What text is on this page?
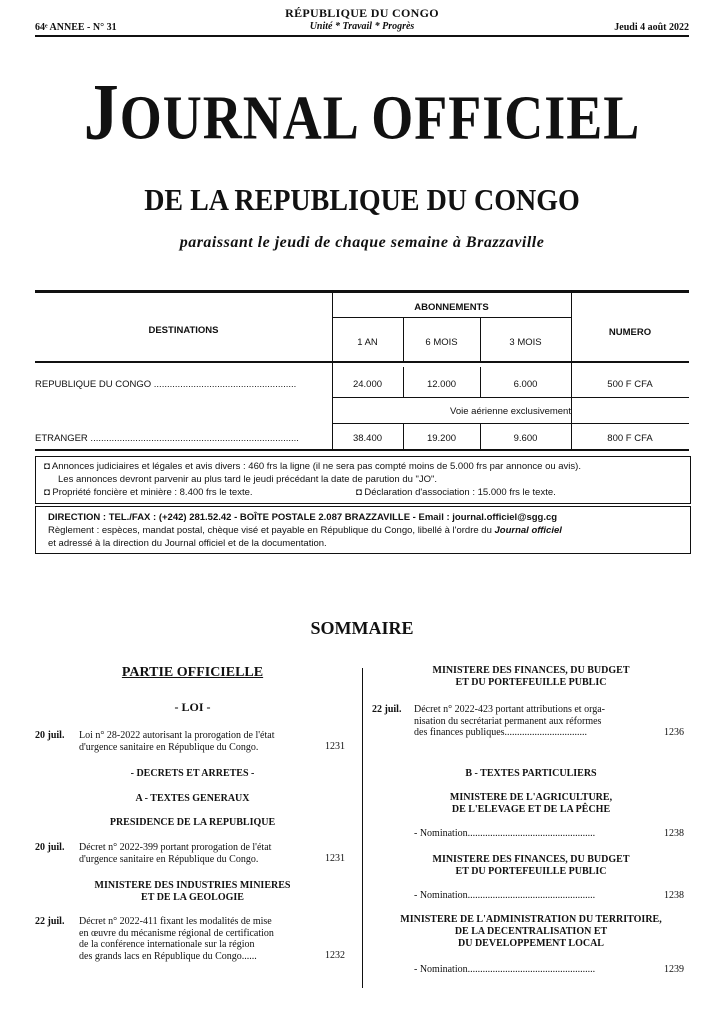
64ᵉ ANNEE - N° 31
RÉPUBLIQUE DU CONGO
Unité * Travail * Progrès	Jeudi 4 août 2022
JOURNAL OFFICIEL
DE LA REPUBLIQUE DU CONGO
paraissant le jeudi de chaque semaine à Brazzaville
DESTINATIONS
ABONNEMENTS
NUMERO
1 AN	6 MOIS	3 MOIS
REPUBLIQUE DU CONGO ......................................................	24.000	12.000	6.000	500 F CFA
Voie aérienne exclusivement
ETRANGER ...............................................................................	38.400	19.200	9.600	800 F CFA
◘ Annonces judiciaires et légales et avis divers : 460 frs la ligne (il ne sera pas compté moins de 5.000 frs par annonce ou avis).
Les annonces devront parvenir au plus tard le jeudi précédant la date de parution du "JO".
◘ Propriété foncière et minière : 8.400 frs le texte.	◘ Déclaration d'association : 15.000 frs le texte.
DIRECTION : TEL./FAX : (+242) 281.52.42 - BOÎTE POSTALE 2.087 BRAZZAVILLE - Email : journal.officiel@sgg.cg
Règlement : espèces, mandat postal, chèque visé et payable en République du Congo, libellé à l'ordre du Journal officiel
et adressé à la direction du Journal officiel et de la documentation.
SOMMAIRE
PARTIE OFFICIELLE
- LOI -
20 juil. Loi n° 28-2022 autorisant la prorogation de l'état
d'urgence sanitaire en République du Congo.	1231
- DECRETS ET ARRETES -
A - TEXTES GENERAUX
PRESIDENCE DE LA REPUBLIQUE
20 juil. Décret n° 2022-399 portant prorogation de l'état
d'urgence sanitaire en République du Congo.	1231
MINISTERE DES INDUSTRIES MINIERES
ET DE LA GEOLOGIE
22 juil. Décret n° 2022-411 fixant les modalités de mise
en œuvre du mécanisme régional de certification
de la conférence internationale sur la région
des grands lacs en République du Congo......	1232
MINISTERE DES FINANCES, DU BUDGET
ET DU PORTEFEUILLE PUBLIC
22 juil. Décret n° 2022-423 portant attributions et orga-
nisation du secrétariat permanent aux réformes
des finances publiques.................................	1236
B - TEXTES PARTICULIERS
MINISTERE DE L'AGRICULTURE,
DE L'ELEVAGE ET DE LA PÊCHE
- Nomination...................................................	1238
MINISTERE DES FINANCES, DU BUDGET
ET DU PORTEFEUILLE PUBLIC
- Nomination...................................................	1238
MINISTERE DE L'ADMINISTRATION DU TERRITOIRE,
DE LA DECENTRALISATION ET
DU DEVELOPPEMENT LOCAL
- Nomination...................................................	1239
